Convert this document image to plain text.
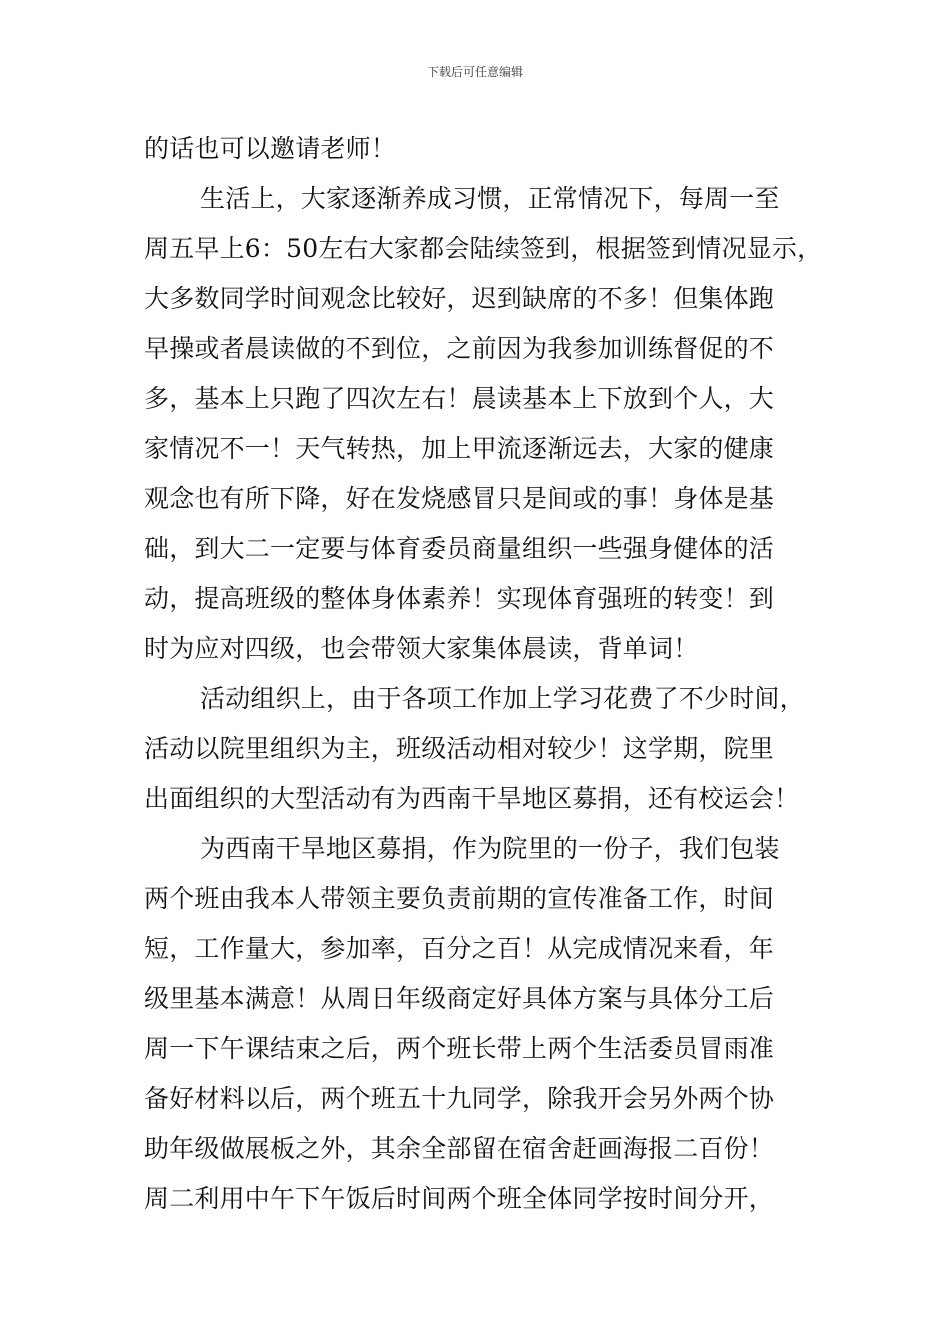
下载后可任意编辑
的话也可以邀请老师！
生活上，大家逐渐养成习惯，正常情况下，每周一至
周五早上6：50左右大家都会陆续签到，根据签到情况显示，
大多数同学时间观念比较好，迟到缺席的不多！但集体跑
早操或者晨读做的不到位，之前因为我参加训练督促的不
多，基本上只跑了四次左右！晨读基本上下放到个人，大
家情况不一！天气转热，加上甲流逐渐远去，大家的健康
观念也有所下降，好在发烧感冒只是间或的事！身体是基
础，到大二一定要与体育委员商量组织一些强身健体的活
动，提高班级的整体身体素养！实现体育强班的转变！到
时为应对四级，也会带领大家集体晨读，背单词！
活动组织上，由于各项工作加上学习花费了不少时间，
活动以院里组织为主，班级活动相对较少！这学期，院里
出面组织的大型活动有为西南干旱地区募捐，还有校运会！
为西南干旱地区募捐，作为院里的一份子，我们包装
两个班由我本人带领主要负责前期的宣传准备工作，时间
短，工作量大，参加率，百分之百！从完成情况来看，年
级里基本满意！从周日年级商定好具体方案与具体分工后
周一下午课结束之后，两个班长带上两个生活委员冒雨准
备好材料以后，两个班五十九同学，除我开会另外两个协
助年级做展板之外，其余全部留在宿舍赶画海报二百份！
周二利用中午下午饭后时间两个班全体同学按时间分开，
